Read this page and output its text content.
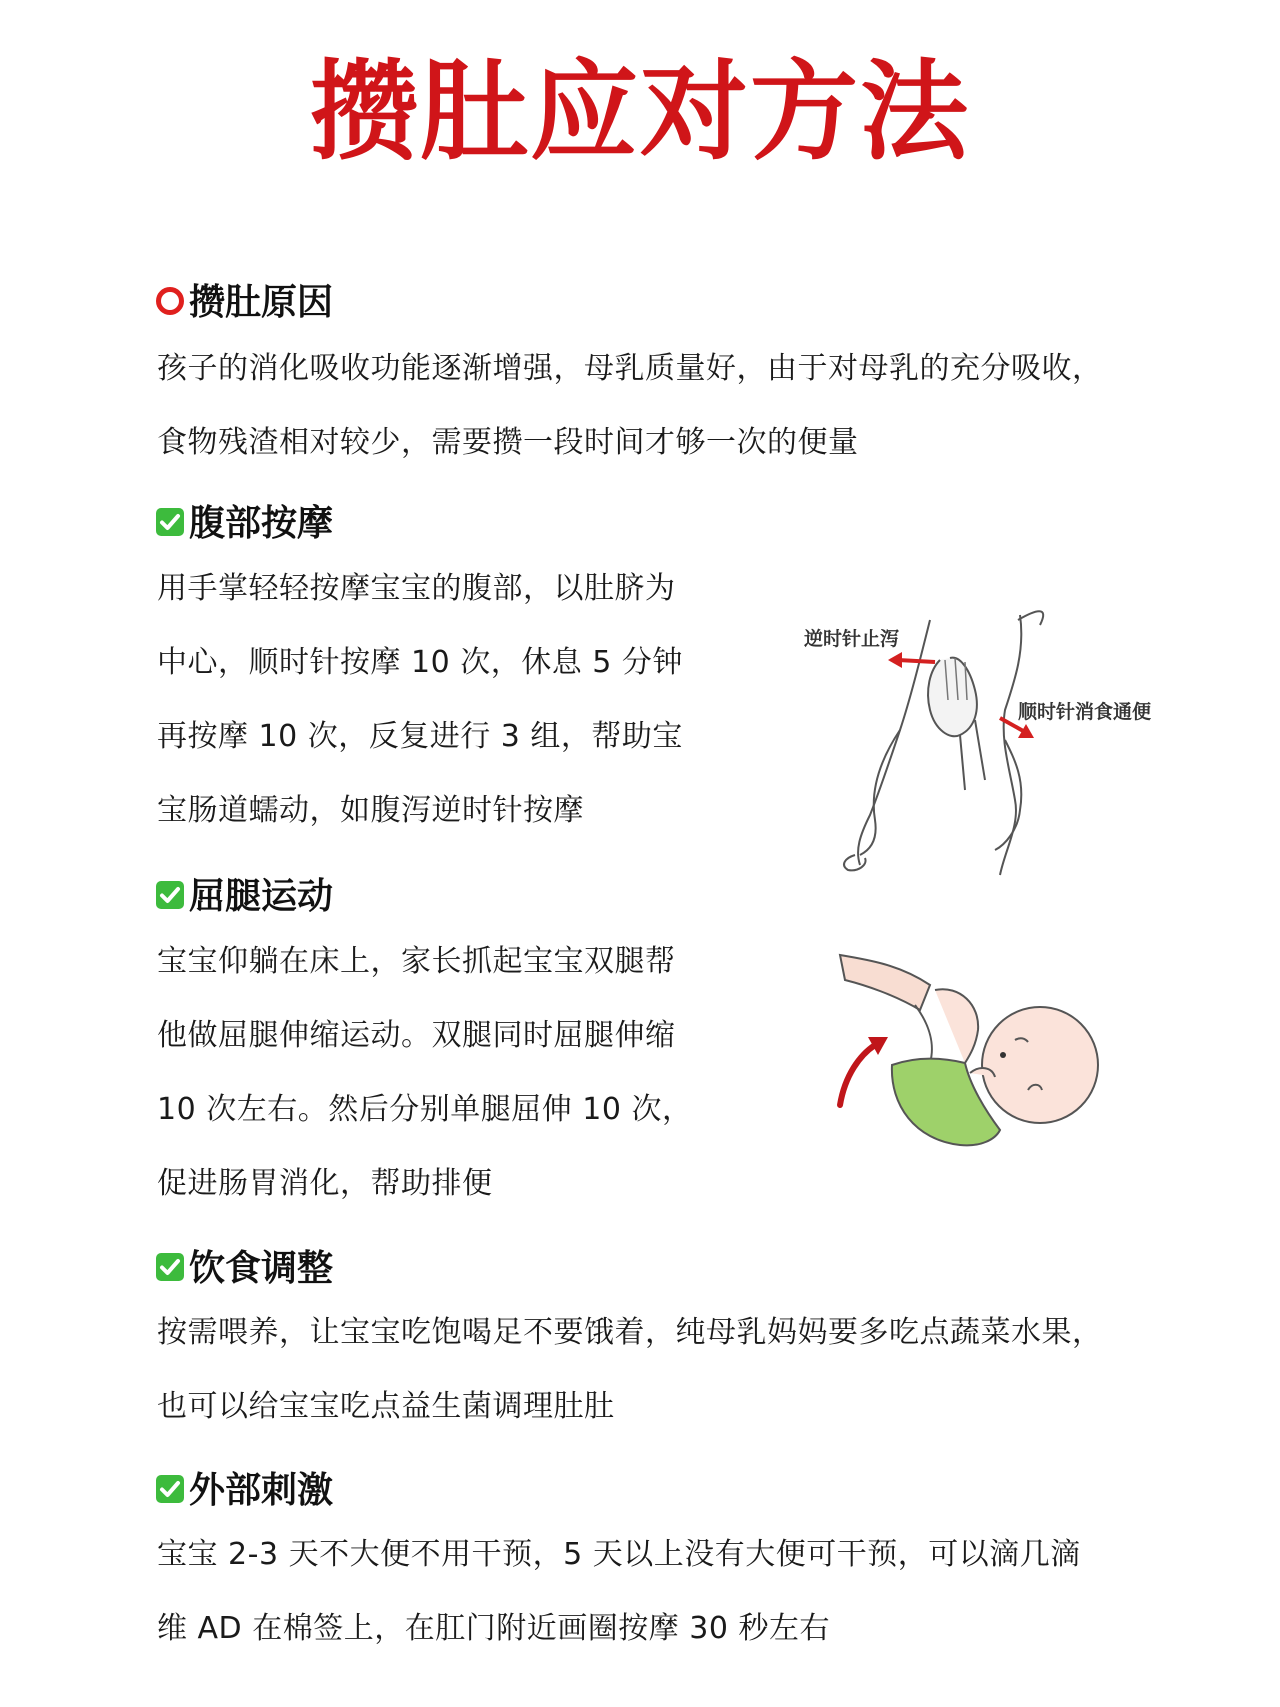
攒肚应对方法
攒肚原因
孩子的消化吸收功能逐渐增强，母乳质量好，由于对母乳的充分吸收，
食物残渣相对较少，需要攒一段时间才够一次的便量
腹部按摩
用手掌轻轻按摩宝宝的腹部，以肚脐为
中心，顺时针按摩 10 次，休息 5 分钟
再按摩 10 次，反复进行 3 组，帮助宝
宝肠道蠕动，如腹泻逆时针按摩
逆时针止泻
顺时针消食通便
屈腿运动
宝宝仰躺在床上，家长抓起宝宝双腿帮
他做屈腿伸缩运动。双腿同时屈腿伸缩
10 次左右。然后分别单腿屈伸 10 次，
促进肠胃消化，帮助排便
饮食调整
按需喂养，让宝宝吃饱喝足不要饿着，纯母乳妈妈要多吃点蔬菜水果，
也可以给宝宝吃点益生菌调理肚肚
外部刺激
宝宝 2-3 天不大便不用干预，5 天以上没有大便可干预，可以滴几滴
维 AD 在棉签上，在肛门附近画圈按摩 30 秒左右
